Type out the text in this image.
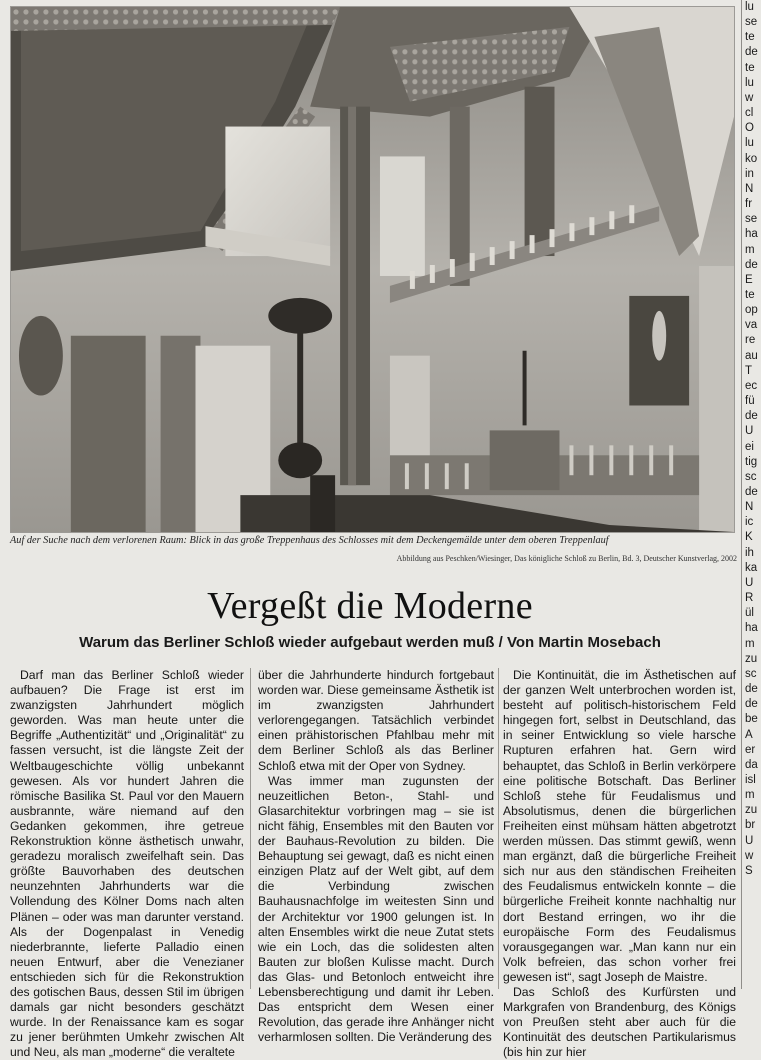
Auf der Suche nach dem verlorenen Raum: Blick in das große Treppenhaus des Schlosses mit dem Deckengemälde unter dem oberen Treppenlauf
Abbildung aus Peschken/Wiesinger, Das königliche Schloß zu Berlin, Bd. 3, Deutscher Kunstverlag, 2002
Vergeßt die Moderne
Warum das Berliner Schloß wieder aufgebaut werden muß / Von Martin Mosebach

Darf man das Berliner Schloß wieder aufbauen? Die Frage ist erst im zwanzigsten Jahrhundert möglich geworden. Was man heute unter die Begriffe „Authentizität“ und „Originalität“ zu fassen versucht, ist die längste Zeit der Weltbaugeschichte völlig unbekannt gewesen. Als vor hundert Jahren die römische Basilika St. Paul vor den Mauern ausbrannte, wäre niemand auf den Gedanken gekommen, ihre getreue Rekonstruktion könne ästhetisch unwahr, geradezu moralisch zweifelhaft sein. Das größte Bauvorhaben des deutschen neunzehnten Jahrhunderts war die Vollendung des Kölner Doms nach alten Plänen – oder was man darunter verstand. Als der Dogenpalast in Venedig niederbrannte, lieferte Palladio einen neuen Entwurf, aber die Venezianer entschieden sich für die Rekonstruktion des gotischen Baus, dessen Stil im übrigen damals gar nicht besonders geschätzt wurde. In der Renaissance kam es sogar zu jener berühmten Umkehr zwischen Alt und Neu, als man „moderne“ die veraltete

über die Jahrhunderte hindurch fortgebaut worden war. Diese gemeinsame Ästhetik ist im zwanzigsten Jahrhundert verlorengegangen. Tatsächlich verbindet einen prähistorischen Pfahlbau mehr mit dem Berliner Schloß als das Berliner Schloß etwa mit der Oper von Sydney.

Was immer man zugunsten der neuzeitlichen Beton-, Stahl- und Glasarchitektur vorbringen mag – sie ist nicht fähig, Ensembles mit den Bauten vor der Bauhaus-Revolution zu bilden. Die Behauptung sei gewagt, daß es nicht einen einzigen Platz auf der Welt gibt, auf dem die Verbindung zwischen Bauhausnachfolge im weitesten Sinn und der Architektur vor 1900 gelungen ist. In alten Ensembles wirkt die neue Zutat stets wie ein Loch, das die solidesten alten Bauten zur bloßen Kulisse macht. Durch das Glas- und Betonloch entweicht ihre Lebensberechtigung und damit ihr Leben. Das entspricht dem Wesen einer Revolution, das gerade ihre Anhänger nicht verharmlosen sollten. Die Veränderung des

Die Kontinuität, die im Ästhetischen auf der ganzen Welt unterbrochen worden ist, besteht auf politisch-historischem Feld hingegen fort, selbst in Deutschland, das in seiner Entwicklung so viele harsche Rupturen erfahren hat. Gern wird behauptet, das Schloß in Berlin verkörpere eine politische Botschaft. Das Berliner Schloß stehe für Feudalismus und Absolutismus, denen die bürgerlichen Freiheiten einst mühsam hätten abgetrotzt werden müssen. Das stimmt gewiß, wenn man ergänzt, daß die bürgerliche Freiheit sich nur aus den ständischen Freiheiten des Feudalismus entwickeln konnte – die bürgerliche Freiheit konnte nachhaltig nur dort Bestand erringen, wo ihr die europäische Form des Feudalismus vorausgegangen war. „Man kann nur ein Volk befreien, das schon vorher frei gewesen ist“, sagt Joseph de Maistre.

Das Schloß des Kurfürsten und Markgrafen von Brandenburg, des Königs von Preußen steht aber auch für die Kontinuität des deutschen Partikularismus (bis hin zur hier

lu
se
te
de
te
lu
w
cl
O
lu
ko
in
N
fr
se
ha
m
de
E
te
op
va
re
au
T
ec
fü
de
U
ei
tig
sc
de
N
ic
K
ih
ka
U
R
ül
ha
m
zu
sc
de
de
be
A
er
da
isl
m
zu
br
U
w
S
